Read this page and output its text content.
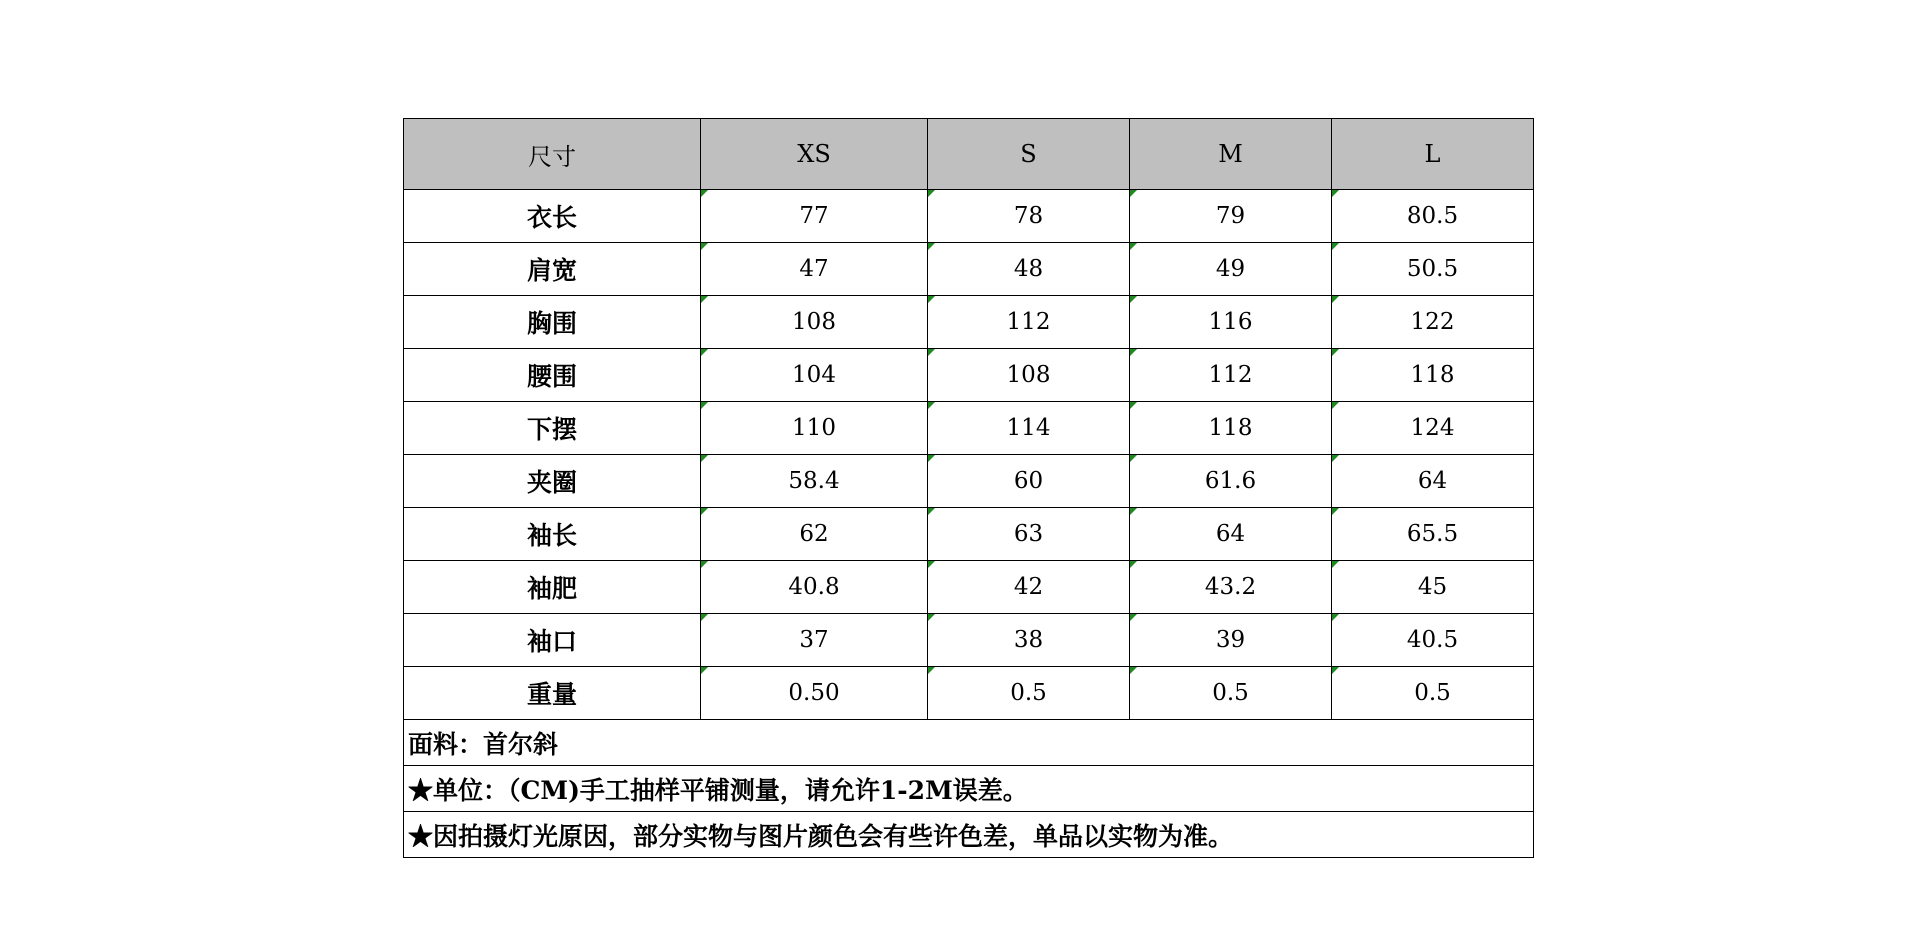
尺寸	XS	S	M	L
衣长	77	78	79	80.5
肩宽	47	48	49	50.5
胸围	108	112	116	122
腰围	104	108	112	118
下摆	110	114	118	124
夹圈	58.4	60	61.6	64
袖长	62	63	64	65.5
袖肥	40.8	42	43.2	45
袖口	37	38	39	40.5
重量	0.50	0.5	0.5	0.5
面料：首尔斜				
★单位：（CM)手工抽样平铺测量，请允许1-2M误差。				
★因拍摄灯光原因，部分实物与图片颜色会有些许色差，单品以实物为准。				
